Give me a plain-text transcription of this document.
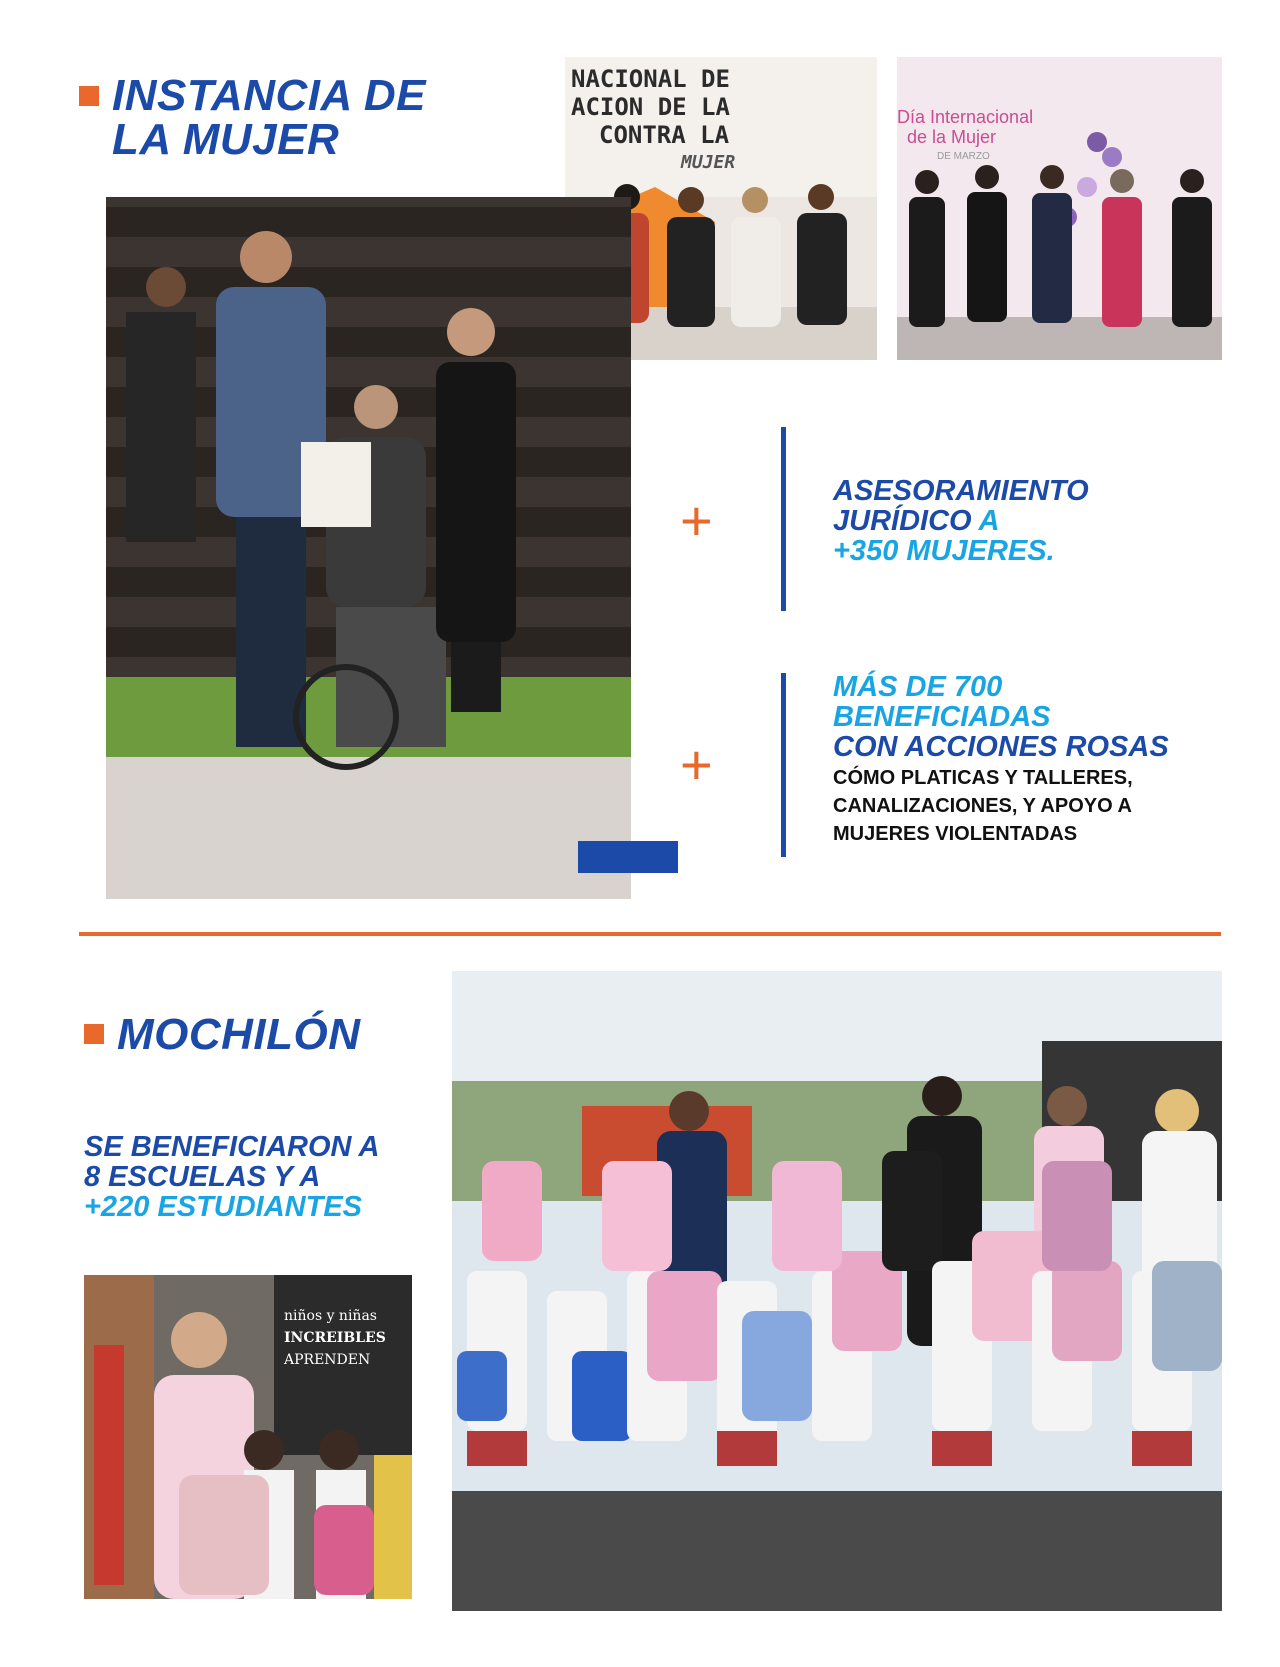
INSTANCIA DE

LA MUJER

NACIONAL DE
ACION DE LA
CONTRA LA
MUJER
Día Internacional
de la Mujer
DE MARZO
+	ASESORAMIENTO
JURÍDICO A
+350 MUJERES.
+
MÁS DE 700
BENEFICIADAS
CON ACCIONES ROSAS
CÓMO PLATICAS Y TALLERES,
CANALIZACIONES, Y APOYO A
MUJERES VIOLENTADAS
MOCHILÓN
SE BENEFICIARON A
8 ESCUELAS Y A
+220 ESTUDIANTES
niños y niñas
INCREIBLES
APRENDEN
